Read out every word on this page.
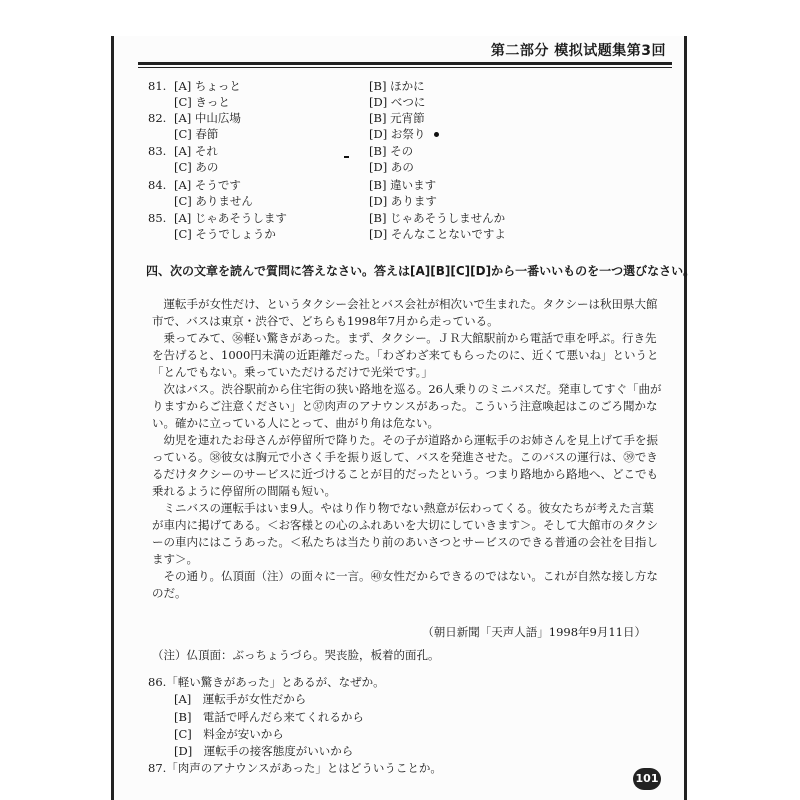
第二部分 模拟试题集第3回
81. [A] ちょっと	[B] ほかに
[C] きっと	[D] べつに
82. [A] 中山広場	[B] 元宵節
[C] 春節	[D] お祭り
83. [A] それ	[B] その
[C] あの	[D] あの
84. [A] そうです	[B] 違います
[C] ありません	[D] あります
85. [A] じゃあそうします	[B] じゃあそうしませんか
[C] そうでしょうか	[D] そんなことないですよ
四、次の文章を読んで質問に答えなさい。答えは[A][B][C][D]から一番いいものを一つ選びなさい。

　運転手が女性だけ、というタクシー会社とバス会社が相次いで生まれた。タクシーは秋田県大館市で、バスは東京・渋谷で、どちらも1998年7月から走っている。

　乗ってみて、㊱軽い驚きがあった。まず、タクシー。ＪＲ大館駅前から電話で車を呼ぶ。行き先を告げると、1000円未満の近距離だった。「わざわざ来てもらったのに、近くて悪いね」というと「とんでもない。乗っていただけるだけで光栄です。」

　次はバス。渋谷駅前から住宅街の狭い路地を巡る。26人乗りのミニバスだ。発車してすぐ「曲がりますからご注意ください」と㊲肉声のアナウンスがあった。こういう注意喚起はこのごろ聞かない。確かに立っている人にとって、曲がり角は危ない。

　幼児を連れたお母さんが停留所で降りた。その子が道路から運転手のお姉さんを見上げて手を振っている。㊳彼女は胸元で小さく手を振り返して、バスを発進させた。このバスの運行は、㊴できるだけタクシーのサービスに近づけることが目的だったという。つまり路地から路地へ、どこでも乗れるように停留所の間隔も短い。

　ミニバスの運転手はいま9人。やはり作り物でない熱意が伝わってくる。彼女たちが考えた言葉が車内に掲げてある。＜お客様との心のふれあいを大切にしていきます＞。そして大館市のタクシーの車内にはこうあった。＜私たちは当たり前のあいさつとサービスのできる普通の会社を目指します＞。

　その通り。仏頂面（注）の面々に一言。㊵女性だからできるのではない。これが自然な接し方なのだ。

（朝日新聞「天声人語」1998年9月11日）
（注）仏頂面：ぶっちょうづら。哭丧脸，板着的面孔。
86.「軽い驚きがあった」とあるが、なぜか。
[A]　運転手が女性だから
[B]　電話で呼んだら来てくれるから
[C]　料金が安いから
[D]　運転手の接客態度がいいから
87.「肉声のアナウンスがあった」とはどういうことか。
101
